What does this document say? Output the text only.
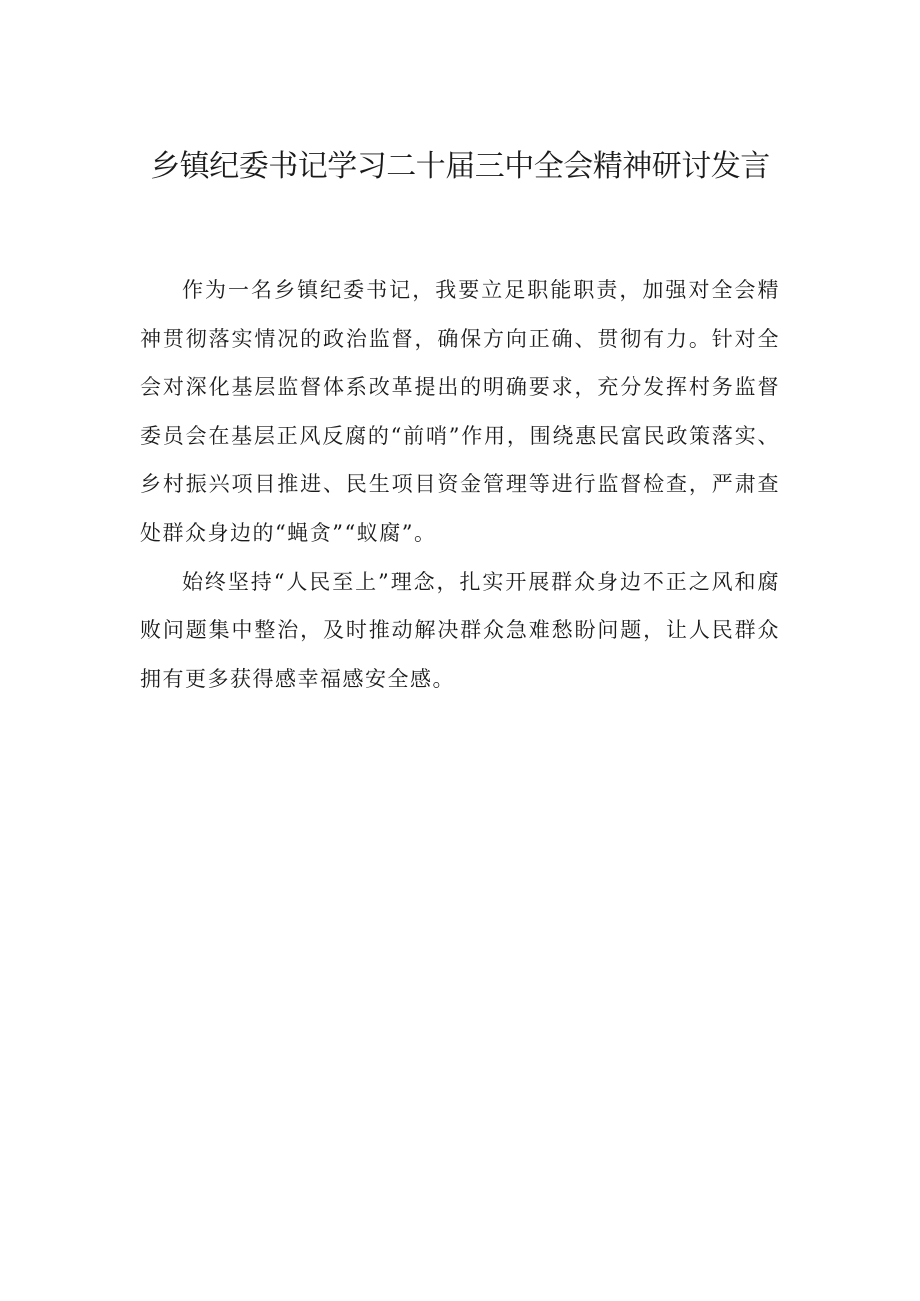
乡镇纪委书记学习二十届三中全会精神研讨发言

作为一名乡镇纪委书记，我要立足职能职责，加强对全会精神贯彻落实情况的政治监督，确保方向正确、贯彻有力。针对全会对深化基层监督体系改革提出的明确要求，充分发挥村务监督委员会在基层正风反腐的“前哨”作用，围绕惠民富民政策落实、乡村振兴项目推进、民生项目资金管理等进行监督检查，严肃查处群众身边的“蝇贪”“蚁腐”。

始终坚持“人民至上”理念，扎实开展群众身边不正之风和腐败问题集中整治，及时推动解决群众急难愁盼问题，让人民群众拥有更多获得感幸福感安全感。
